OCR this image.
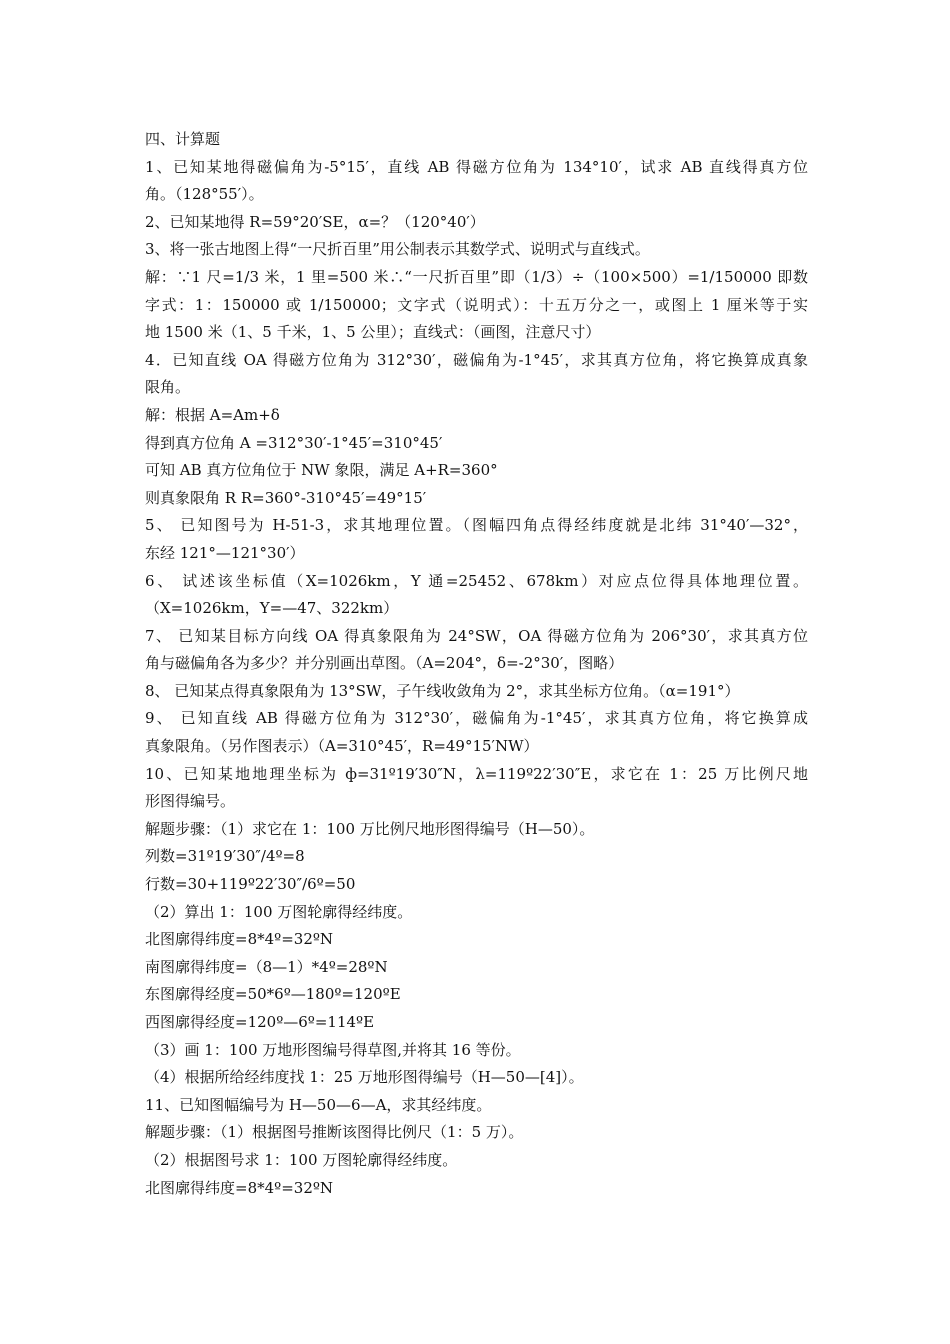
四、计算题
1、已知某地得磁偏角为-5°15′，直线 AB 得磁方位角为 134°10′，试求 AB 直线得真方位
角。（128°55′）。
2、已知某地得 R=59°20′SE，α=？（120°40′）
3、将一张古地图上得“一尺折百里”用公制表示其数学式、说明式与直线式。
解：∵1 尺=1/3 米，1 里=500 米∴“一尺折百里”即（1/3）÷（100×500）=1/150000 即数
字式：1：150000 或 1/150000；文字式（说明式）：十五万分之一，或图上 1 厘米等于实
地 1500 米（1、5 千米，1、5 公里）；直线式：（画图，注意尺寸）
4．已知直线 OA 得磁方位角为 312°30′，磁偏角为-1°45′，求其真方位角，将它换算成真象
限角。
解：根据 A=Am+δ
得到真方位角 A =312°30′-1°45′=310°45′
可知 AB 真方位角位于 NW 象限，满足 A+R=360°
则真象限角 R R=360°-310°45′=49°15′
5、 已知图号为 H-51-3，求其地理位置。（图幅四角点得经纬度就是北纬 31°40′—32°，
东经 121°—121°30′）
6、 试述该坐标值（X=1026km，Y 通=25452、678km）对应点位得具体地理位置。
（X=1026km，Y=—47、322km）
7、 已知某目标方向线 OA 得真象限角为 24°SW，OA 得磁方位角为 206°30′，求其真方位
角与磁偏角各为多少？并分别画出草图。（A=204°，δ=-2°30′，图略）
8、 已知某点得真象限角为 13°SW，子午线收敛角为 2°，求其坐标方位角。（α=191°）
9、 已知直线 AB 得磁方位角为 312°30′，磁偏角为-1°45′，求其真方位角，将它换算成
真象限角。（另作图表示）（A=310°45′，R=49°15′NW）
10、已知某地地理坐标为 ф=31º19′30″N，λ=119º22′30″E，求它在 1：25 万比例尺地
形图得编号。
解题步骤：（1）求它在 1：100 万比例尺地形图得编号（H—50）。
列数=31º19′30″/4º=8
行数=30+119º22′30″/6º=50
（2）算出 1：100 万图轮廓得经纬度。
北图廓得纬度=8*4º=32ºN
南图廓得纬度=（8—1）*4º=28ºN
东图廓得经度=50*6º—180º=120ºE
西图廓得经度=120º—6º=114ºE
（3）画 1：100 万地形图编号得草图,并将其 16 等份。
（4）根据所给经纬度找 1：25 万地形图得编号（H—50—[4]）。
11、已知图幅编号为 H—50—6—A，求其经纬度。
解题步骤：（1）根据图号推断该图得比例尺（1：5 万）。
（2）根据图号求 1：100 万图轮廓得经纬度。
北图廓得纬度=8*4º=32ºN
